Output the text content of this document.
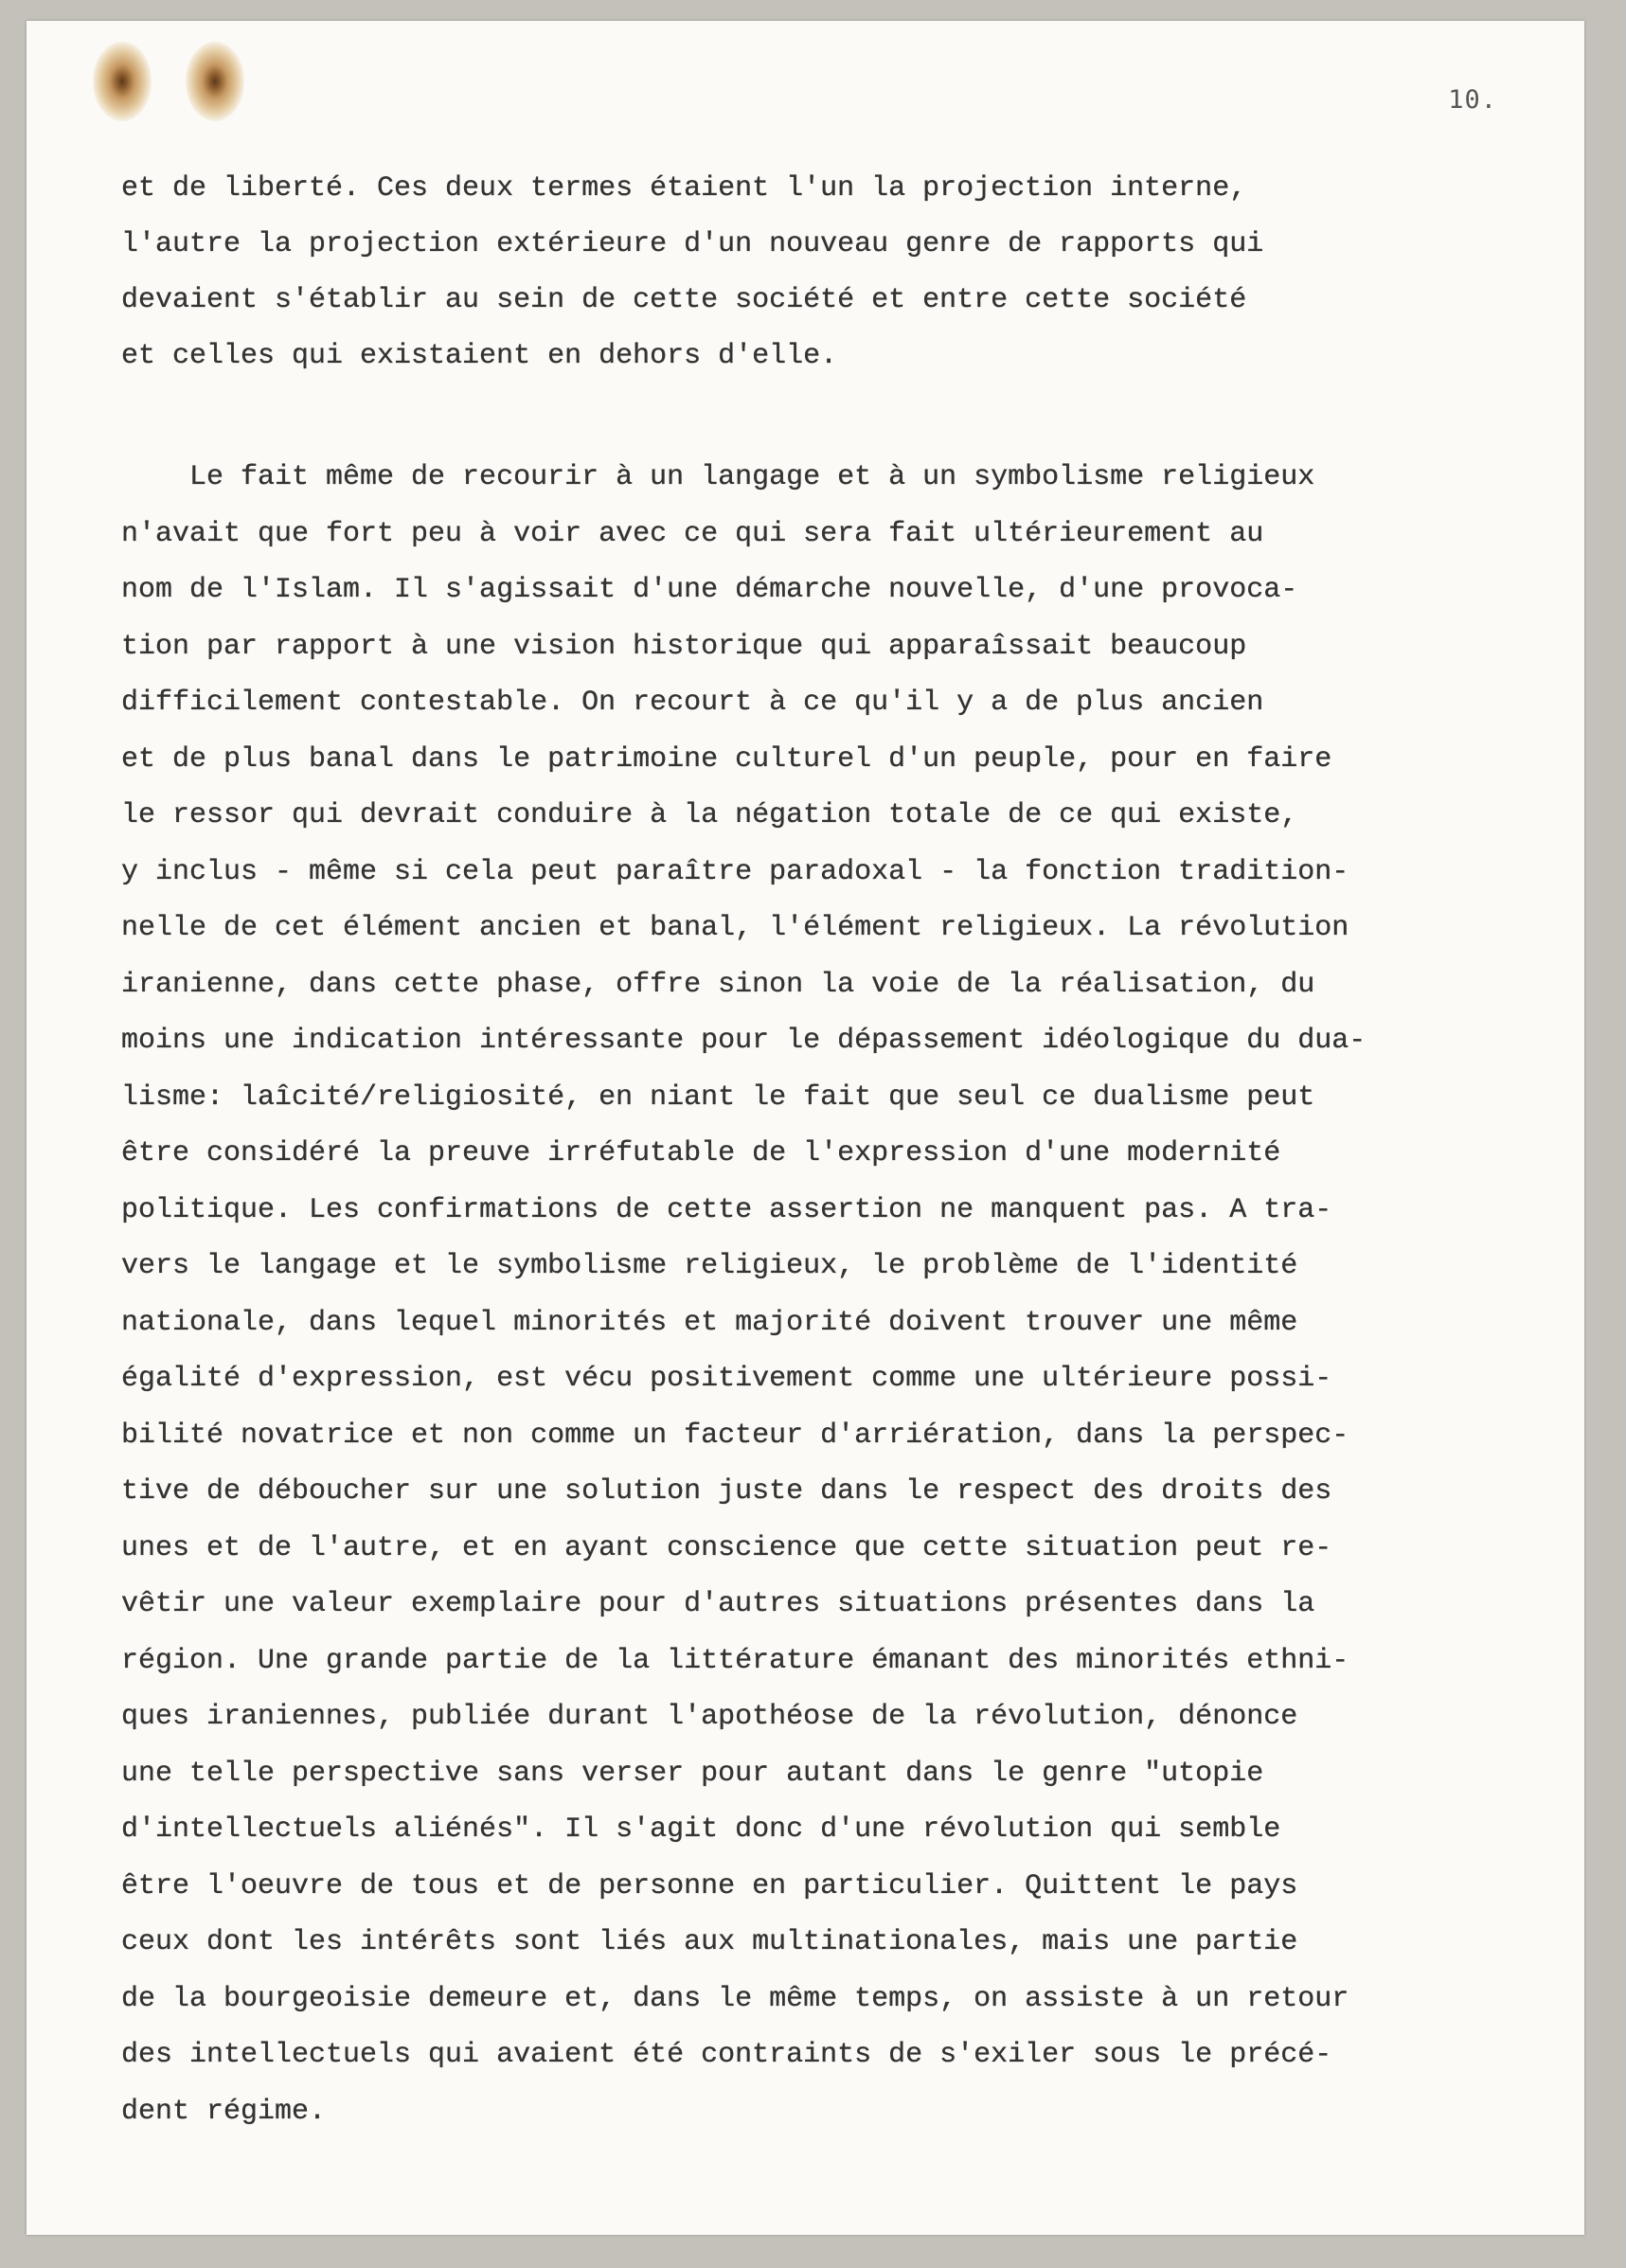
10.
et de liberté. Ces deux termes étaient l'un la projection interne,
l'autre la projection extérieure d'un nouveau genre de rapports qui
devaient s'établir au sein de cette société et entre cette société
et celles qui existaient en dehors d'elle.
Le fait même de recourir à un langage et à un symbolisme religieux
n'avait que fort peu à voir avec ce qui sera fait ultérieurement au
nom de l'Islam. Il s'agissait d'une démarche nouvelle, d'une provoca-
tion par rapport à une vision historique qui apparaîssait beaucoup
difficilement contestable. On recourt à ce qu'il y a de plus ancien
et de plus banal dans le patrimoine culturel d'un peuple, pour en faire
le ressor qui devrait conduire à la négation totale de ce qui existe,
y inclus - même si cela peut paraître paradoxal - la fonction tradition-
nelle de cet élément ancien et banal, l'élément religieux. La révolution
iranienne, dans cette phase, offre sinon la voie de la réalisation, du
moins une indication intéressante pour le dépassement idéologique du dua-
lisme: laîcité/religiosité, en niant le fait que seul ce dualisme peut
être considéré la preuve irréfutable de l'expression d'une modernité
politique. Les confirmations de cette assertion ne manquent pas. A tra-
vers le langage et le symbolisme religieux, le problème de l'identité
nationale, dans lequel minorités et majorité doivent trouver une même
égalité d'expression, est vécu positivement comme une ultérieure possi-
bilité novatrice et non comme un facteur d'arriération, dans la perspec-
tive de déboucher sur une solution juste dans le respect des droits des
unes et de l'autre, et en ayant conscience que cette situation peut re-
vêtir une valeur exemplaire pour d'autres situations présentes dans la
région. Une grande partie de la littérature émanant des minorités ethni-
ques iraniennes, publiée durant l'apothéose de la révolution, dénonce
une telle perspective sans verser pour autant dans le genre "utopie
d'intellectuels aliénés". Il s'agit donc d'une révolution qui semble
être l'oeuvre de tous et de personne en particulier. Quittent le pays
ceux dont les intérêts sont liés aux multinationales, mais une partie
de la bourgeoisie demeure et, dans le même temps, on assiste à un retour
des intellectuels qui avaient été contraints de s'exiler sous le précé-
dent régime.
